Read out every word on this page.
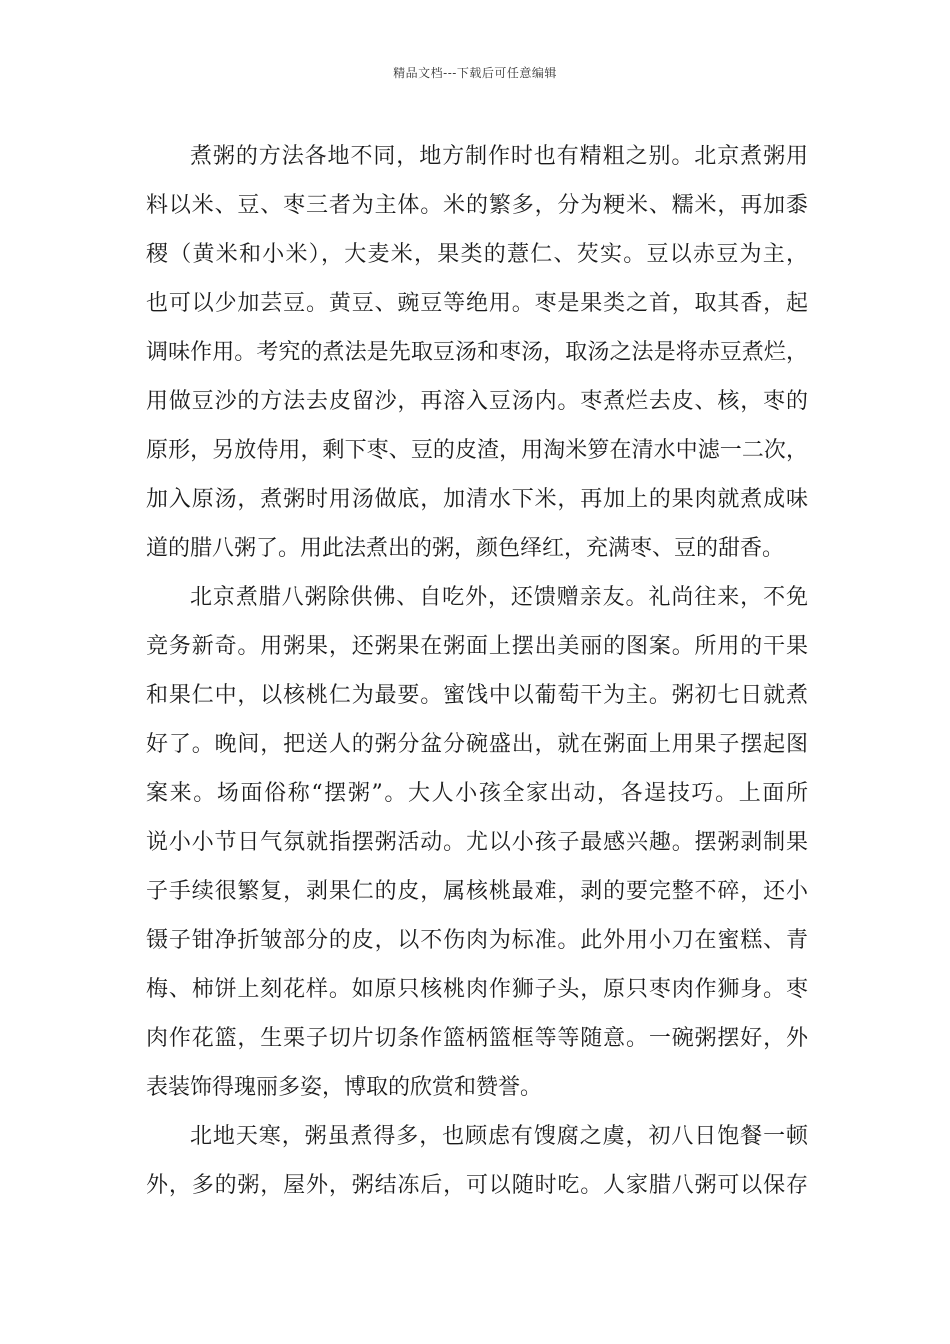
精品文档---下载后可任意编辑
煮粥的方法各地不同，地方制作时也有精粗之别。北京煮粥用
料以米、豆、枣三者为主体。米的繁多，分为粳米、糯米，再加黍
稷（黄米和小米），大麦米，果类的薏仁、芡实。豆以赤豆为主，
也可以少加芸豆。黄豆、豌豆等绝用。枣是果类之首，取其香，起
调味作用。考究的煮法是先取豆汤和枣汤，取汤之法是将赤豆煮烂，
用做豆沙的方法去皮留沙，再溶入豆汤内。枣煮烂去皮、核，枣的
原形，另放侍用，剩下枣、豆的皮渣，用淘米箩在清水中滤一二次，
加入原汤，煮粥时用汤做底，加清水下米，再加上的果肉就煮成味
道的腊八粥了。用此法煮出的粥，颜色绎红，充满枣、豆的甜香。
北京煮腊八粥除供佛、自吃外，还馈赠亲友。礼尚往来，不免
竞务新奇。用粥果，还粥果在粥面上摆出美丽的图案。所用的干果
和果仁中，以核桃仁为最要。蜜饯中以葡萄干为主。粥初七日就煮
好了。晚间，把送人的粥分盆分碗盛出，就在粥面上用果子摆起图
案来。场面俗称“摆粥”。大人小孩全家出动，各逞技巧。上面所
说小小节日气氛就指摆粥活动。尤以小孩子最感兴趣。摆粥剥制果
子手续很繁复，剥果仁的皮，属核桃最难，剥的要完整不碎，还小
镊子钳净折皱部分的皮，以不伤肉为标准。此外用小刀在蜜糕、青
梅、柿饼上刻花样。如原只核桃肉作狮子头，原只枣肉作狮身。枣
肉作花篮，生栗子切片切条作篮柄篮框等等随意。一碗粥摆好，外
表装饰得瑰丽多姿，博取的欣赏和赞誉。
北地天寒，粥虽煮得多，也顾虑有馊腐之虞，初八日饱餐一顿
外，多的粥，屋外，粥结冻后，可以随时吃。人家腊八粥可以保存
